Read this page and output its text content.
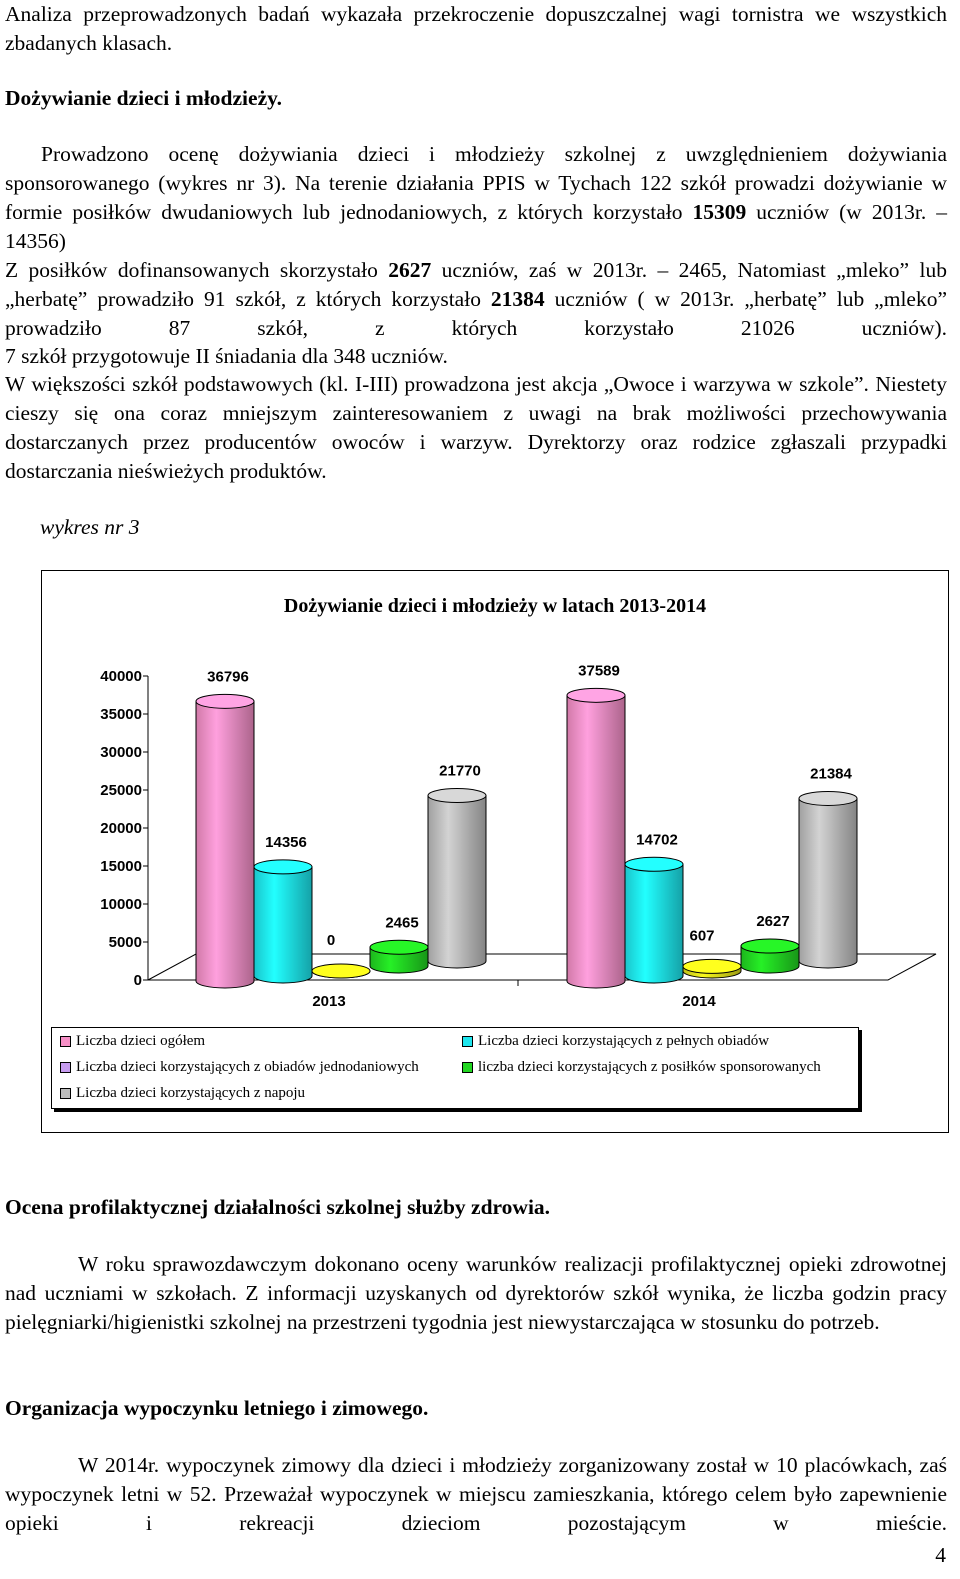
Analiza przeprowadzonych badań wykazała przekroczenie dopuszczalnej wagi tornistra we wszystkich zbadanych klasach.

Dożywianie dzieci i młodzieży.

Prowadzono ocenę dożywiania dzieci i młodzieży szkolnej z uwzględnieniem dożywiania sponsorowanego (wykres nr 3). Na terenie działania PPIS w Tychach 122 szkół prowadzi dożywianie w formie posiłków dwudaniowych lub jednodaniowych, z których korzystało 15309 uczniów (w 2013r. – 14356)

Z posiłków dofinansowanych skorzystało 2627 uczniów, zaś w 2013r. – 2465, Natomiast „mleko” lub „herbatę” prowadziło 91 szkół, z których korzystało 21384 uczniów ( w 2013r. „herbatę” lub „mleko” prowadziło 87 szkół, z których korzystało 21026 uczniów).

7 szkół przygotowuje II śniadania dla 348 uczniów.

W większości szkół podstawowych (kl. I-III) prowadzona jest akcja „Owoce i warzywa w szkole”. Niestety cieszy się ona coraz mniejszym zainteresowaniem z uwagi na brak możliwości przechowywania dostarczanych przez producentów owoców i warzyw. Dyrektorzy oraz rodzice zgłaszali przypadki dostarczania nieświeżych produktów.

wykres nr 3

Dożywianie dzieci i młodzieży w latach 2013-2014
0
5000
10000
15000
20000
25000
30000
35000
40000
2013	2014
36796
14356
0
2465
21770
37589
14702
607
2627
21384
Liczba dzieci ogółem
Liczba dzieci korzystających z obiadów jednodaniowych
Liczba dzieci korzystających z napoju
Liczba dzieci korzystających z pełnych obiadów
liczba dzieci korzystających z posiłków sponsorowanych
Ocena profilaktycznej działalności szkolnej służby zdrowia.

W roku sprawozdawczym dokonano oceny warunków realizacji profilaktycznej opieki zdrowotnej nad uczniami w szkołach. Z informacji uzyskanych od dyrektorów szkół wynika, że liczba godzin pracy pielęgniarki/higienistki szkolnej na przestrzeni tygodnia jest niewystarczająca w stosunku do potrzeb.

Organizacja wypoczynku letniego i zimowego.

W 2014r. wypoczynek zimowy dla dzieci i młodzieży zorganizowany został w 10 placówkach, zaś wypoczynek letni w 52. Przeważał wypoczynek w miejscu zamieszkania, którego celem było zapewnienie opieki i rekreacji dzieciom pozostającym w mieście.

4
